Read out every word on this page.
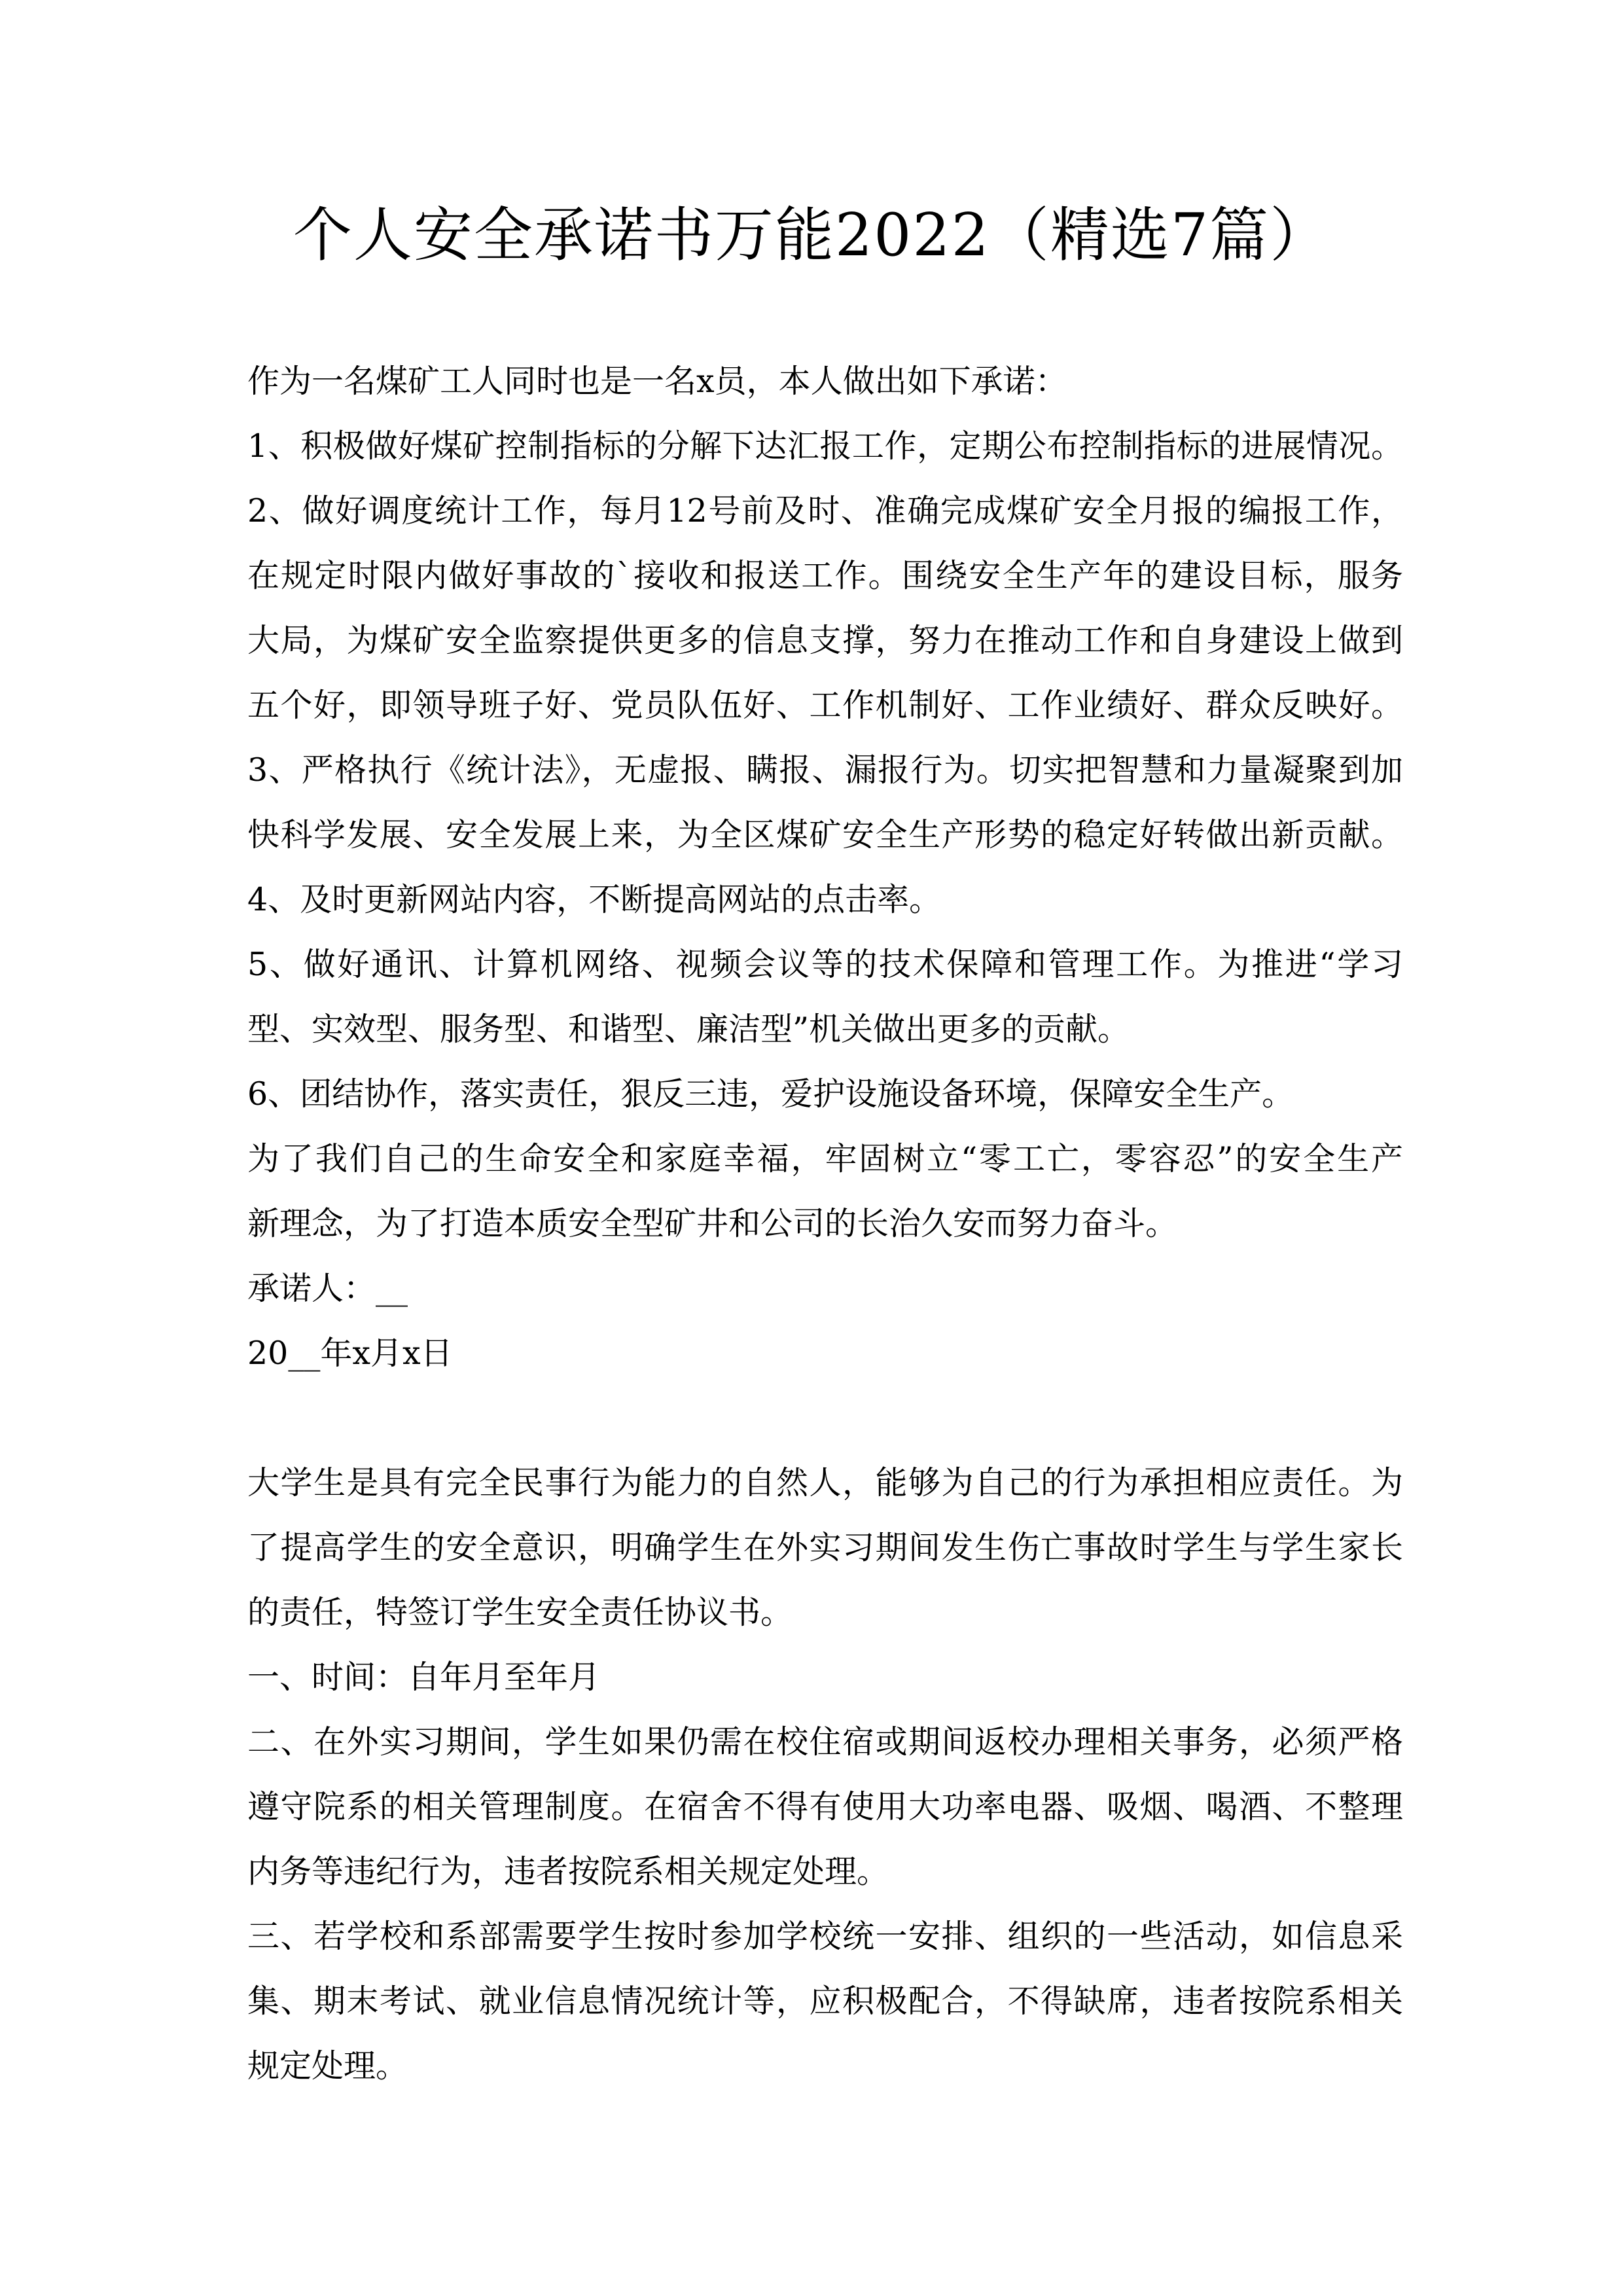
个人安全承诺书万能2022（精选7篇）
作为一名煤矿工人同时也是一名x员，本人做出如下承诺：
1、积极做好煤矿控制指标的分解下达汇报工作，定期公布控制指标的进展情况。
2、做好调度统计工作，每月12号前及时、准确完成煤矿安全月报的编报工作，
在规定时限内做好事故的`接收和报送工作。围绕安全生产年的建设目标，服务
大局，为煤矿安全监察提供更多的信息支撑，努力在推动工作和自身建设上做到
五个好，即领导班子好、党员队伍好、工作机制好、工作业绩好、群众反映好。
3、严格执行《统计法》，无虚报、瞒报、漏报行为。切实把智慧和力量凝聚到加
快科学发展、安全发展上来，为全区煤矿安全生产形势的稳定好转做出新贡献。
4、及时更新网站内容，不断提高网站的点击率。
5、做好通讯、计算机网络、视频会议等的技术保障和管理工作。为推进“学习
型、实效型、服务型、和谐型、廉洁型”机关做出更多的贡献。
6、团结协作，落实责任，狠反三违，爱护设施设备环境，保障安全生产。
为了我们自己的生命安全和家庭幸福，牢固树立“零工亡，零容忍”的安全生产
新理念，为了打造本质安全型矿井和公司的长治久安而努力奋斗。
承诺人：__
20__年x月x日
大学生是具有完全民事行为能力的自然人，能够为自己的行为承担相应责任。为
了提高学生的安全意识，明确学生在外实习期间发生伤亡事故时学生与学生家长
的责任，特签订学生安全责任协议书。
一、时间：自年月至年月
二、在外实习期间，学生如果仍需在校住宿或期间返校办理相关事务，必须严格
遵守院系的相关管理制度。在宿舍不得有使用大功率电器、吸烟、喝酒、不整理
内务等违纪行为，违者按院系相关规定处理。
三、若学校和系部需要学生按时参加学校统一安排、组织的一些活动，如信息采
集、期末考试、就业信息情况统计等，应积极配合，不得缺席，违者按院系相关
规定处理。
